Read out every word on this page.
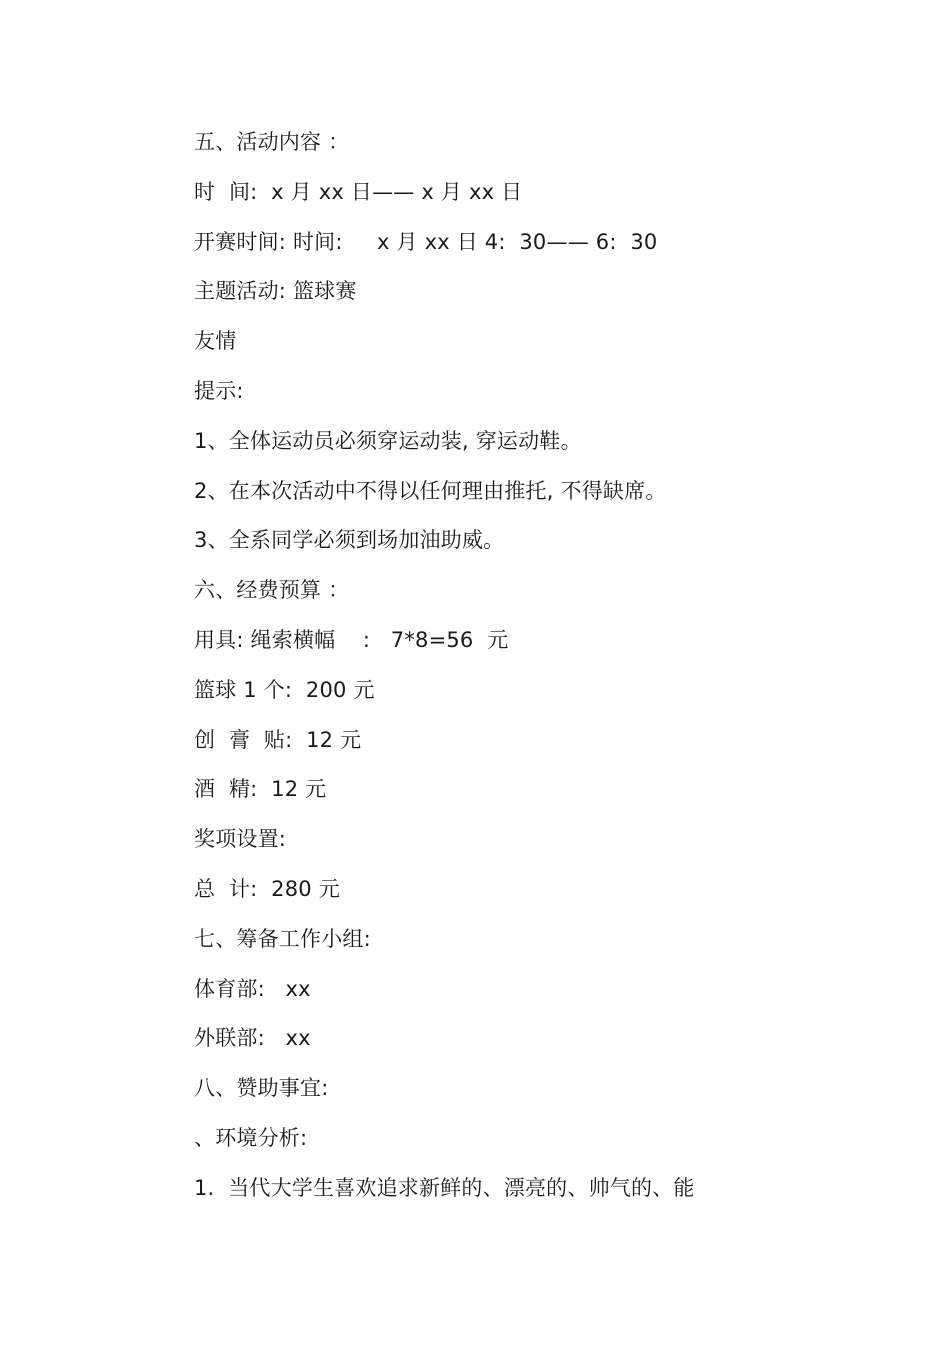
五、活动内容 ：
时  间:  x 月 xx 日—— x 月 xx 日
开赛时间: 时间:     x 月 xx 日 4:  30—— 6:  30
主题活动: 篮球赛
友情
提示:
1、全体运动员必须穿运动装, 穿运动鞋。
2、在本次活动中不得以任何理由推托, 不得缺席。
3、全系同学必须到场加油助威。
六、经费预算 ：
用具: 绳索横幅    :   7*8=56  元
篮球 1 个:  200 元
创  膏  贴:  12 元
酒  精:  12 元
奖项设置:
总  计:  280 元
七、筹备工作小组:
体育部:   xx
外联部:   xx
八、赞助事宜:
、环境分析:
1.  当代大学生喜欢追求新鲜的、漂亮的、帅气的、能
